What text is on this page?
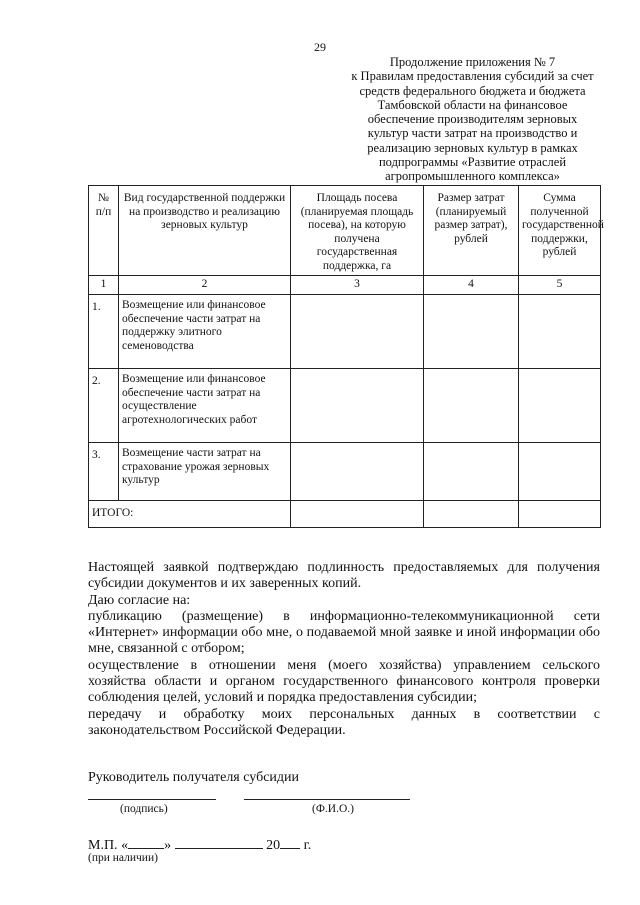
29
Продолжение приложения № 7
к Правилам предоставления субсидий за счет
средств федерального бюджета и бюджета
Тамбовской области на финансовое
обеспечение производителям зерновых
культур части затрат на производство и
реализацию зерновых культур в рамках
подпрограммы «Развитие отраслей
агропромышленного комплекса»
№ п/п	Вид государственной поддержки на производство и реализацию зерновых культур	Площадь посева (планируемая площадь посева), на которую получена государственная поддержка, га	Размер затрат (планируемый размер затрат), рублей	Сумма полученной государственной поддержки, рублей
1	2	3	4	5
1.	Возмещение или финансовое обеспечение части затрат на поддержку элитного семеноводства			
2.	Возмещение или финансовое обеспечение части затрат на осуществление агротехнологических работ			
3.	Возмещение части затрат на страхование урожая зерновых культур			
ИТОГО:				

Настоящей заявкой подтверждаю подлинность предоставляемых для получения субсидии документов и их заверенных копий.

Даю согласие на:

публикацию (размещение) в информационно-телекоммуникационной сети «Интернет» информации обо мне, о подаваемой мной заявке и иной информации обо мне, связанной с отбором;

осуществление в отношении меня (моего хозяйства) управлением сельского хозяйства области и органом государственного финансового контроля проверки соблюдения целей, условий и порядка предоставления субсидии;

передачу и обработку моих персональных данных в соответствии с законодательством Российской Федерации.

Руководитель получателя субсидии
(подпись)	(Ф.И.О.)
М.П. «	»	20 г.
(при наличии)
